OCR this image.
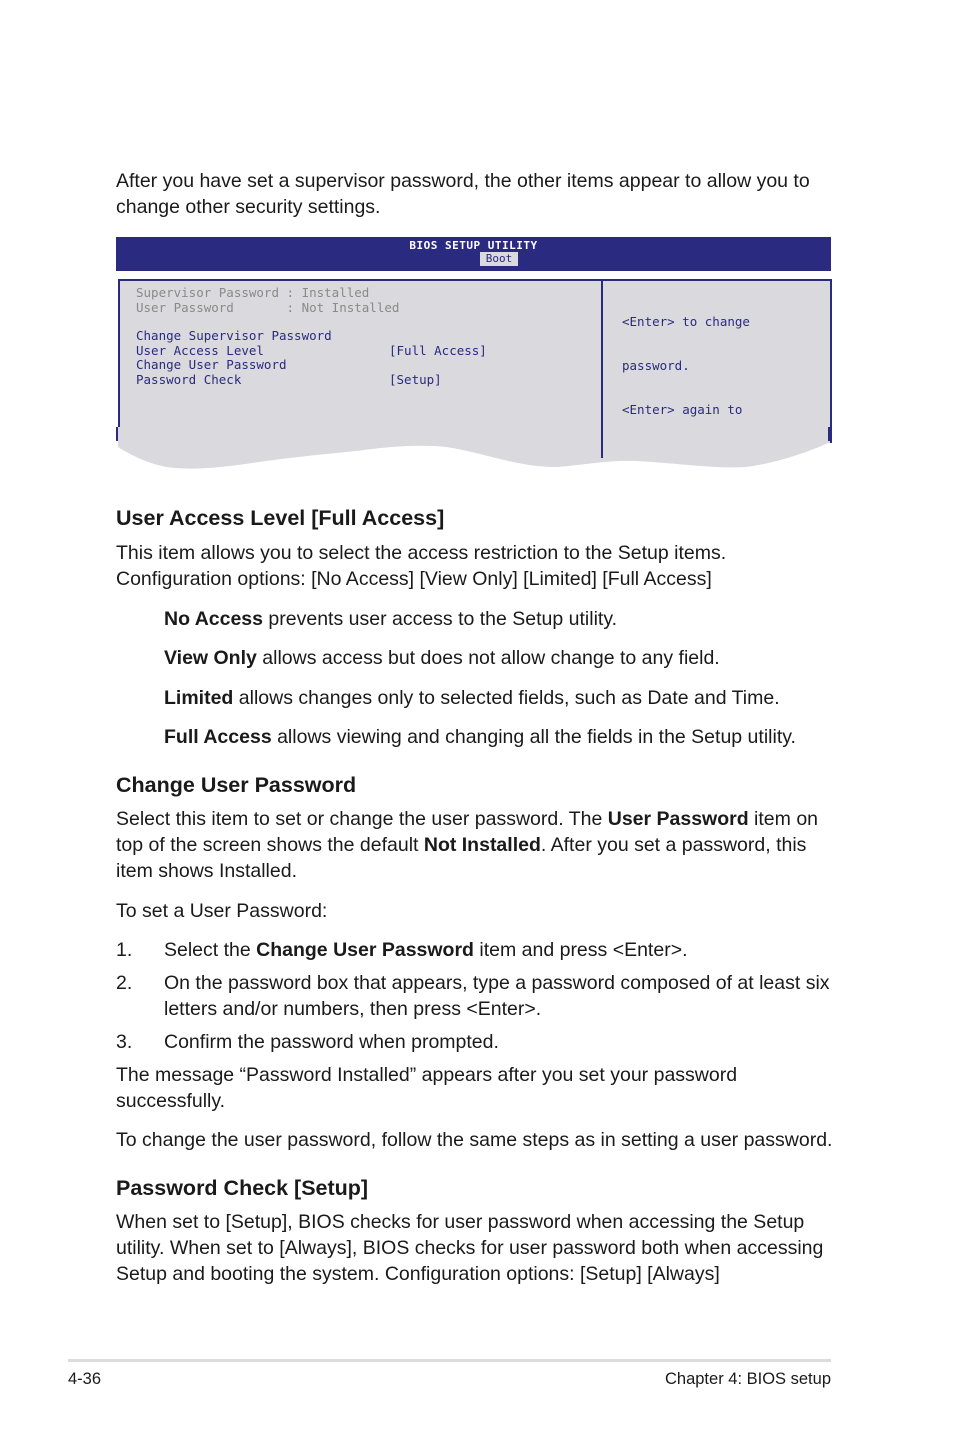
After you have set a supervisor password, the other items appear to allow you to
change other security settings.
BIOS SETUP UTILITY
Boot
Supervisor Password : Installed
User Password       : Not Installed
Change Supervisor Password
User Access Level	[Full Access]
Change User Password
Password Check	[Setup]

<Enter> to change

password.

<Enter> again to

User Access Level [Full Access]
This item allows you to select the access restriction to the Setup items.
Configuration options: [No Access] [View Only] [Limited] [Full Access]
No Access prevents user access to the Setup utility.
View Only allows access but does not allow change to any field.
Limited allows changes only to selected fields, such as Date and Time.
Full Access allows viewing and changing all the fields in the Setup utility.
Change User Password
Select this item to set or change the user password. The User Password item on
top of the screen shows the default Not Installed. After you set a password, this
item shows Installed.
To set a User Password:
1. Select the Change User Password item and press <Enter>.
2. On the password box that appears, type a password composed of at least six
letters and/or numbers, then press <Enter>.
3. Confirm the password when prompted.
The message “Password Installed” appears after you set your password
successfully.
To change the user password, follow the same steps as in setting a user password.
Password Check [Setup]
When set to [Setup], BIOS checks for user password when accessing the Setup
utility. When set to [Always], BIOS checks for user password both when accessing
Setup and booting the system. Configuration options: [Setup] [Always]
4-36	Chapter 4: BIOS setup
